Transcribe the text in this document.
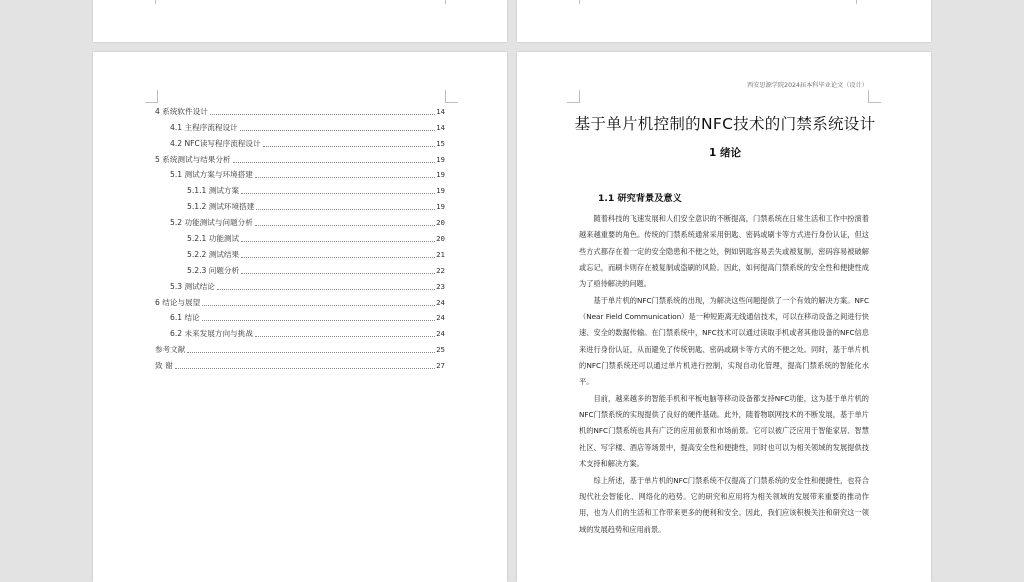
4 系统软件设计	14
4.1 主程序流程设计	14
4.2 NFC读写程序流程设计	15
5 系统测试与结果分析	19
5.1 测试方案与环境搭建	19
5.1.1 测试方案	19
5.1.2 测试环境搭建	19
5.2 功能测试与问题分析	20
5.2.1 功能测试	20
5.2.2 测试结果	21
5.2.3 问题分析	22
5.3 测试结论	23
6 结论与展望	24
6.1 结论	24
6.2 未来发展方向与挑战	24
参考文献	25
致 谢	27
西安思源学院2024届本科毕业论文（设计）
基于单片机控制的NFC技术的门禁系统设计
1 绪论
1.1 研究背景及意义

随着科技的飞速发展和人们安全意识的不断提高，门禁系统在日常生活和工作中扮演着越来越重要的角色。传统的门禁系统通常采用钥匙、密码或刷卡等方式进行身份认证，但这些方式都存在着一定的安全隐患和不便之处，例如钥匙容易丢失或被复制，密码容易被破解或忘记，而刷卡则存在被复制或盗刷的风险。因此，如何提高门禁系统的安全性和便捷性成为了亟待解决的问题。

基于单片机的NFC门禁系统的出现，为解决这些问题提供了一个有效的解决方案。NFC（Near Field Communication）是一种短距离无线通信技术，可以在移动设备之间进行快速、安全的数据传输。在门禁系统中，NFC技术可以通过读取手机或者其他设备的NFC信息来进行身份认证，从而避免了传统钥匙、密码或刷卡等方式的不便之处。同时，基于单片机的NFC门禁系统还可以通过单片机进行控制，实现自动化管理，提高门禁系统的智能化水平。

目前，越来越多的智能手机和平板电脑等移动设备都支持NFC功能，这为基于单片机的NFC门禁系统的实现提供了良好的硬件基础。此外，随着物联网技术的不断发展，基于单片机的NFC门禁系统也具有广泛的应用前景和市场前景。它可以被广泛应用于智能家居、智慧社区、写字楼、酒店等场景中，提高安全性和便捷性，同时也可以为相关领域的发展提供技术支持和解决方案。

综上所述，基于单片机的NFC门禁系统不仅提高了门禁系统的安全性和便捷性，也符合现代社会智能化、网络化的趋势。它的研究和应用将为相关领域的发展带来重要的推动作用，也为人们的生活和工作带来更多的便利和安全。因此，我们应该积极关注和研究这一领域的发展趋势和应用前景。
